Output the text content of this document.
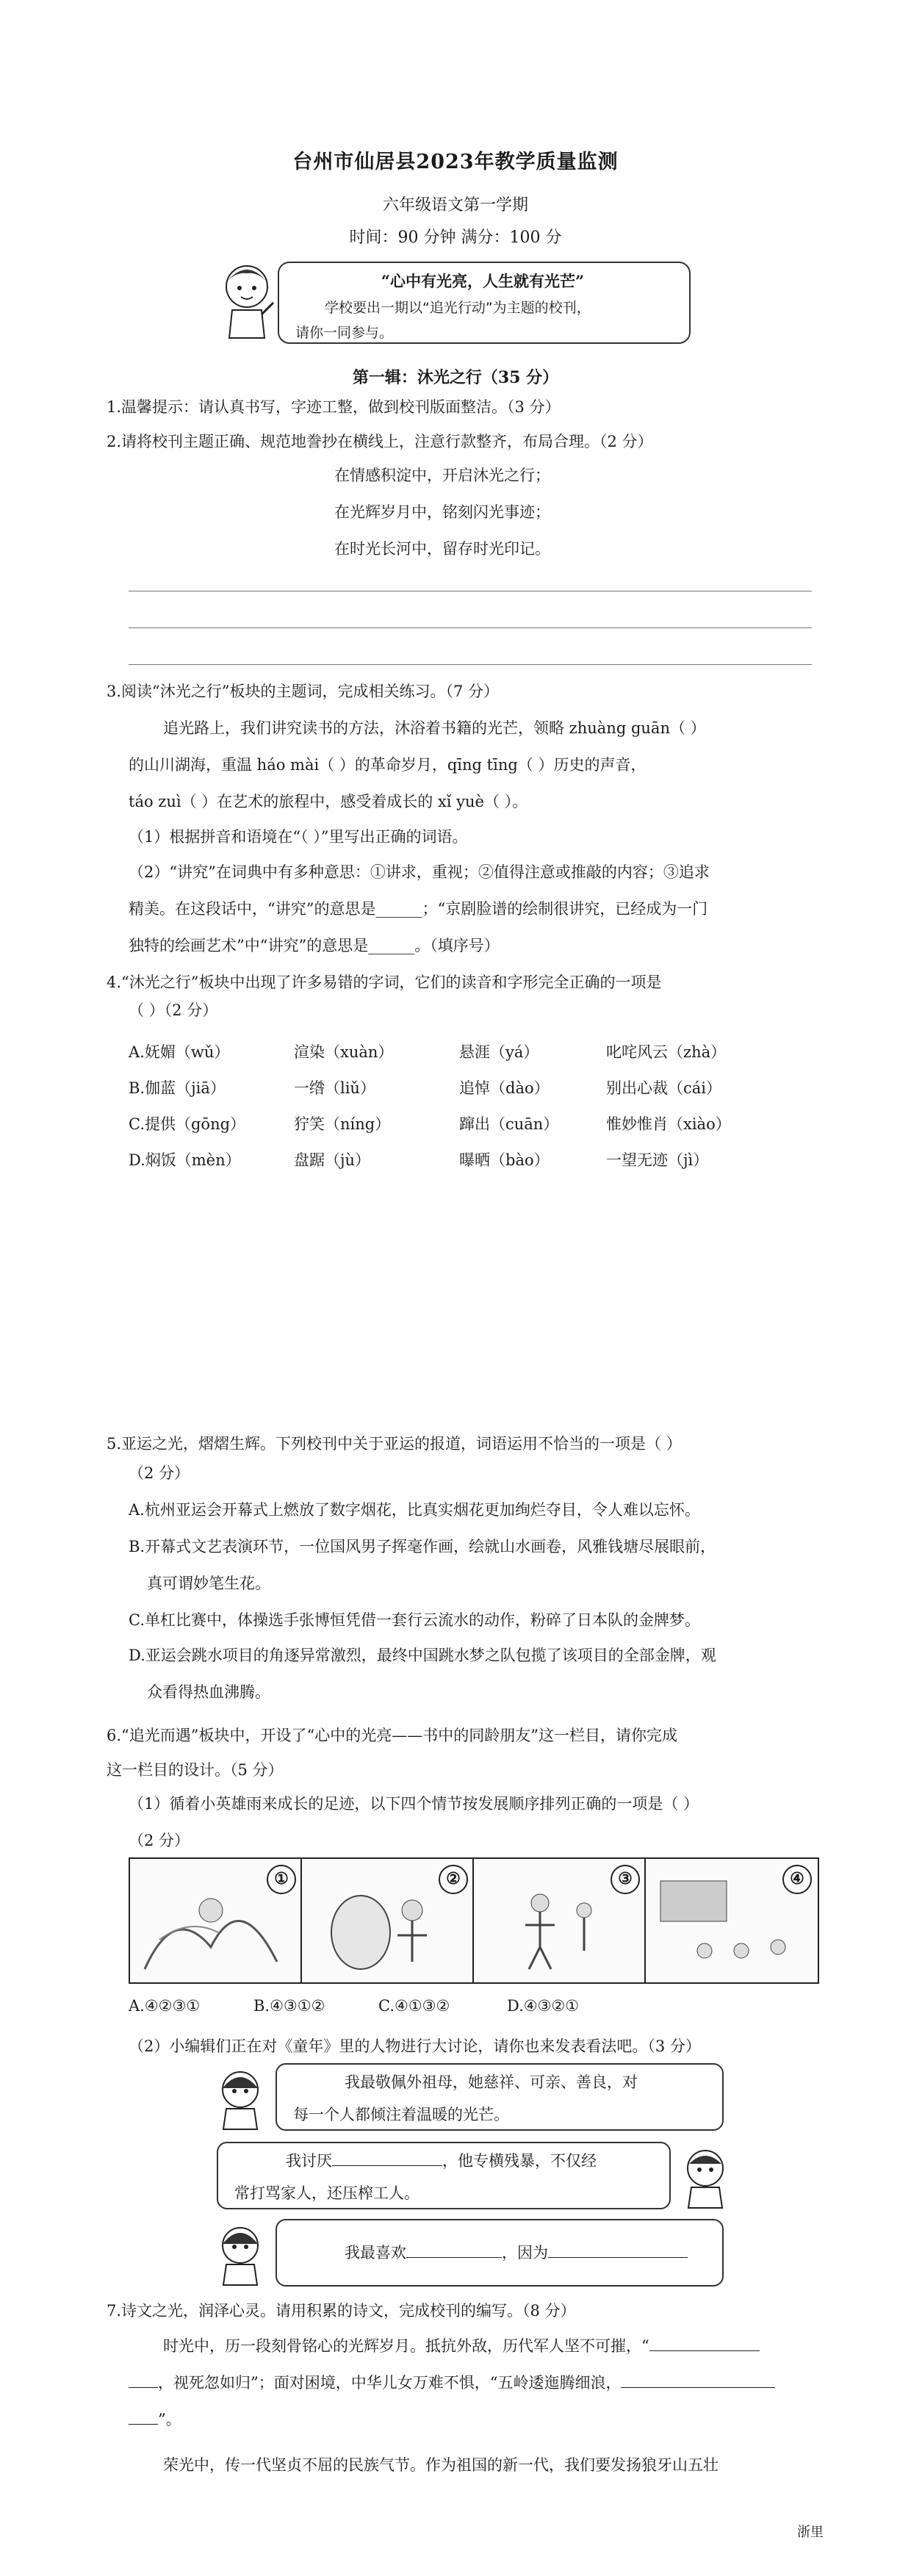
台州市仙居县2023年教学质量监测
六年级语文第一学期
时间：90 分钟 满分：100 分
“心中有光亮，人生就有光芒”
学校要出一期以“追光行动”为主题的校刊，
请你一同参与。
第一辑：沐光之行（35 分）
1.温馨提示：请认真书写，字迹工整，做到校刊版面整洁。（3 分）
2.请将校刊主题正确、规范地誊抄在横线上，注意行款整齐，布局合理。（2 分）
在情感积淀中，开启沐光之行；
在光辉岁月中，铭刻闪光事迹；
在时光长河中，留存时光印记。
3.阅读“沐光之行”板块的主题词，完成相关练习。（7 分）
追光路上，我们讲究读书的方法，沐浴着书籍的光芒，领略 zhuàng guān（ ）
的山川湖海，重温 háo mài（ ）的革命岁月，qīng tīng（ ）历史的声音，
táo zuì（ ）在艺术的旅程中，感受着成长的 xǐ yuè（ ）。
（1）根据拼音和语境在“（ ）”里写出正确的词语。
（2）“讲究”在词典中有多种意思：①讲求，重视；②值得注意或推敲的内容；③追求
精美。在这段话中，“讲究”的意思是______；“京剧脸谱的绘制很讲究，已经成为一门
独特的绘画艺术”中“讲究”的意思是______。（填序号）
4.“沐光之行”板块中出现了许多易错的字词，它们的读音和字形完全正确的一项是
（ ）（2 分）
A.妩媚（wǔ）	渲染（xuàn）	悬涯（yá）	叱咤风云（zhà）
B.伽蓝（jiā）	一绺（liǔ）	追悼（dào）	别出心裁（cái）
C.提供（gōng）	狞笑（níng）	蹿出（cuān）	惟妙惟肖（xiào）
D.焖饭（mèn）	盘踞（jù）	曝晒（bào）	一望无迹（jì）
5.亚运之光，熠熠生辉。下列校刊中关于亚运的报道，词语运用不恰当的一项是（ ）
（2 分）
A.杭州亚运会开幕式上燃放了数字烟花，比真实烟花更加绚烂夺目，令人难以忘怀。
B.开幕式文艺表演环节，一位国风男子挥毫作画，绘就山水画卷，风雅钱塘尽展眼前，
真可谓妙笔生花。
C.单杠比赛中，体操选手张博恒凭借一套行云流水的动作，粉碎了日本队的金牌梦。
D.亚运会跳水项目的角逐异常激烈，最终中国跳水梦之队包揽了该项目的全部金牌，观
众看得热血沸腾。
6.“追光而遇”板块中，开设了“心中的光亮——书中的同龄朋友”这一栏目，请你完成
这一栏目的设计。（5 分）
（1）循着小英雄雨来成长的足迹，以下四个情节按发展顺序排列正确的一项是（ ）
（2 分）
①	②	③	④
A.④②③①	B.④③①②	C.④①③②	D.④③②①
（2）小编辑们正在对《童年》里的人物进行大讨论，请你也来发表看法吧。（3 分）
我最敬佩外祖母，她慈祥、可亲、善良，对
每一个人都倾注着温暖的光芒。
我讨厌	，他专横残暴，不仅经
常打骂家人，还压榨工人。
我最喜欢	，因为
7.诗文之光，润泽心灵。请用积累的诗文，完成校刊的编写。（8 分）
时光中，历一段刻骨铭心的光辉岁月。抵抗外敌，历代军人坚不可摧，“
，视死忽如归”；面对困境，中华儿女万难不惧，“五岭逶迤腾细浪，
”。
荣光中，传一代坚贞不屈的民族气节。作为祖国的新一代，我们要发扬狼牙山五壮
浙里
